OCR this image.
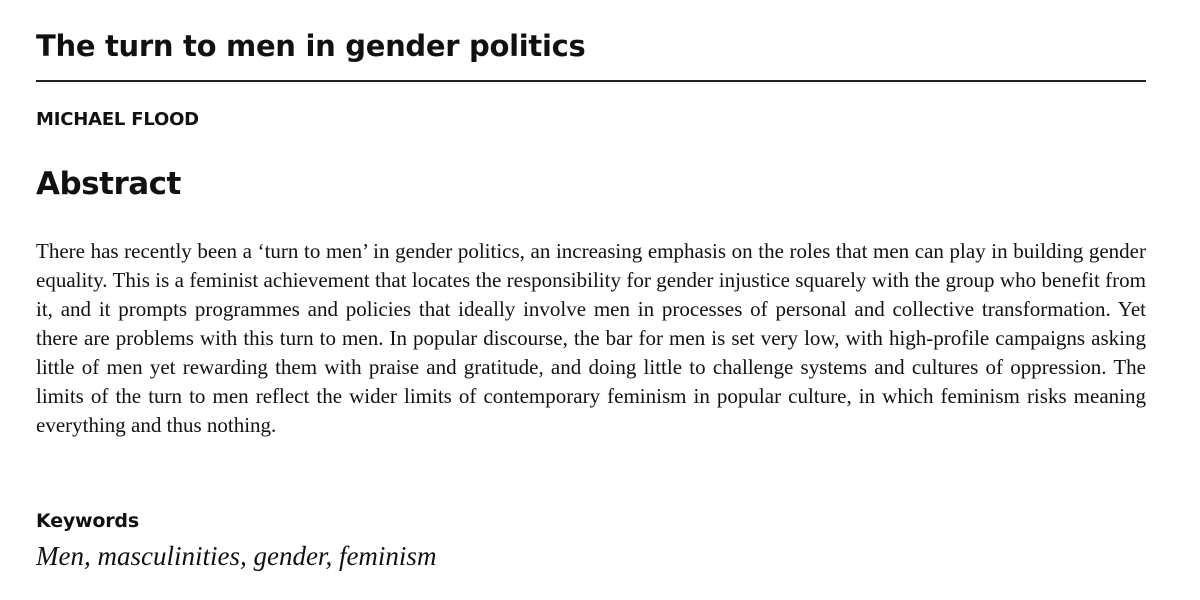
The turn to men in gender politics

MICHAEL FLOOD

Abstract

There has recently been a ‘turn to men’ in gender politics, an increasing emphasis on the roles that men can play in building gender equality. This is a feminist achievement that locates the responsibility for gender injustice squarely with the group who benefit from it, and it prompts programmes and policies that ideally involve men in processes of personal and collective transformation. Yet there are problems with this turn to men. In popular discourse, the bar for men is set very low, with high-profile campaigns asking little of men yet rewarding them with praise and gratitude, and doing little to challenge systems and cultures of oppression. The limits of the turn to men reflect the wider limits of contemporary feminism in popular culture, in which feminism risks meaning everything and thus nothing.

Keywords

Men, masculinities, gender, feminism
